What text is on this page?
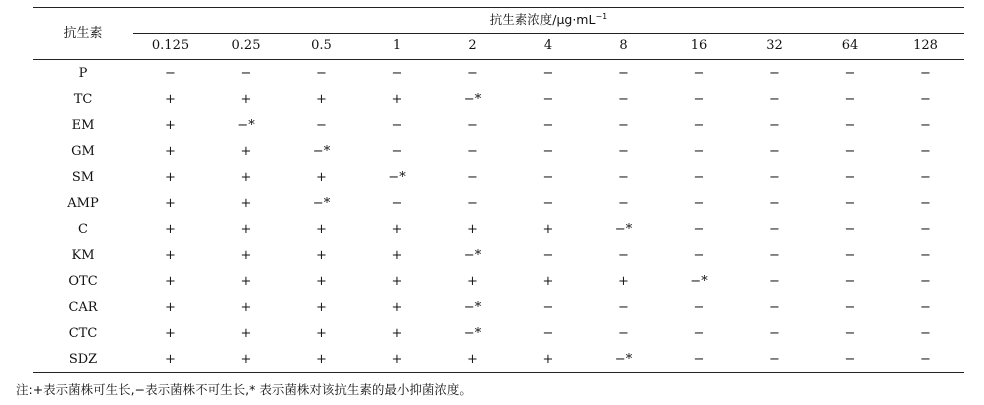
抗生素
抗生素浓度$/\mu g\cdot mL^{-1}$
0.125	0.25	0.5	1	2	4	8	16	32	64	128
P	−	−	−	−	−	−	−	−	−	−	−
TC	+	+	+	+	−*	−	−	−	−	−	−
EM	+	−*	−	−	−	−	−	−	−	−	−
GM	+	+	−*	−	−	−	−	−	−	−	−
SM	+	+	+	−*	−	−	−	−	−	−	−
AMP	+	+	−*	−	−	−	−	−	−	−	−
C	+	+	+	+	+	+	−*	−	−	−	−
KM	+	+	+	+	−*	−	−	−	−	−	−
OTC	+	+	+	+	+	+	+	−*	−	−	−
CAR	+	+	+	+	−*	−	−	−	−	−	−
CTC	+	+	+	+	−*	−	−	−	−	−	−
SDZ	+	+	+	+	+	+	−*	−	−	−	−
注:+表示菌株可生长,−表示菌株不可生长,* 表示菌株对该抗生素的最小抑菌浓度。
